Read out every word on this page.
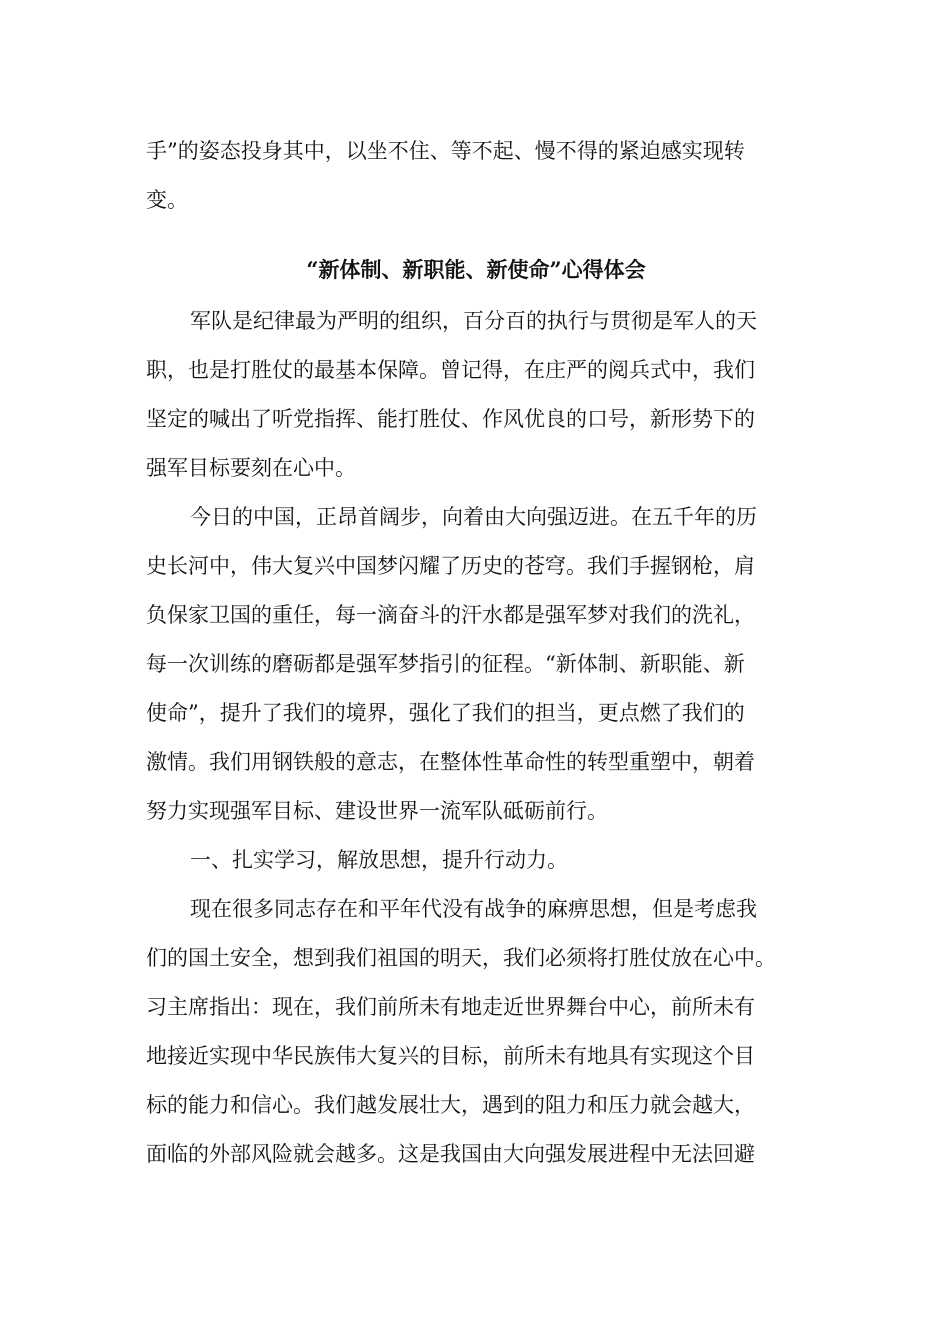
手”的姿态投身其中，以坐不住、等不起、慢不得的紧迫感实现转
变。
“新体制、新职能、新使命”心得体会
军队是纪律最为严明的组织，百分百的执行与贯彻是军人的天
职，也是打胜仗的最基本保障。曾记得，在庄严的阅兵式中，我们
坚定的喊出了听党指挥、能打胜仗、作风优良的口号，新形势下的
强军目标要刻在心中。
今日的中国，正昂首阔步，向着由大向强迈进。在五千年的历
史长河中，伟大复兴中国梦闪耀了历史的苍穹。我们手握钢枪，肩
负保家卫国的重任，每一滴奋斗的汗水都是强军梦对我们的洗礼，
每一次训练的磨砺都是强军梦指引的征程。“新体制、新职能、新
使命”，提升了我们的境界，强化了我们的担当，更点燃了我们的
激情。我们用钢铁般的意志，在整体性革命性的转型重塑中，朝着
努力实现强军目标、建设世界一流军队砥砺前行。
一、扎实学习，解放思想，提升行动力。
现在很多同志存在和平年代没有战争的麻痹思想，但是考虑我
们的国土安全，想到我们祖国的明天，我们必须将打胜仗放在心中。
习主席指出：现在，我们前所未有地走近世界舞台中心，前所未有
地接近实现中华民族伟大复兴的目标，前所未有地具有实现这个目
标的能力和信心。我们越发展壮大，遇到的阻力和压力就会越大，
面临的外部风险就会越多。这是我国由大向强发展进程中无法回避
